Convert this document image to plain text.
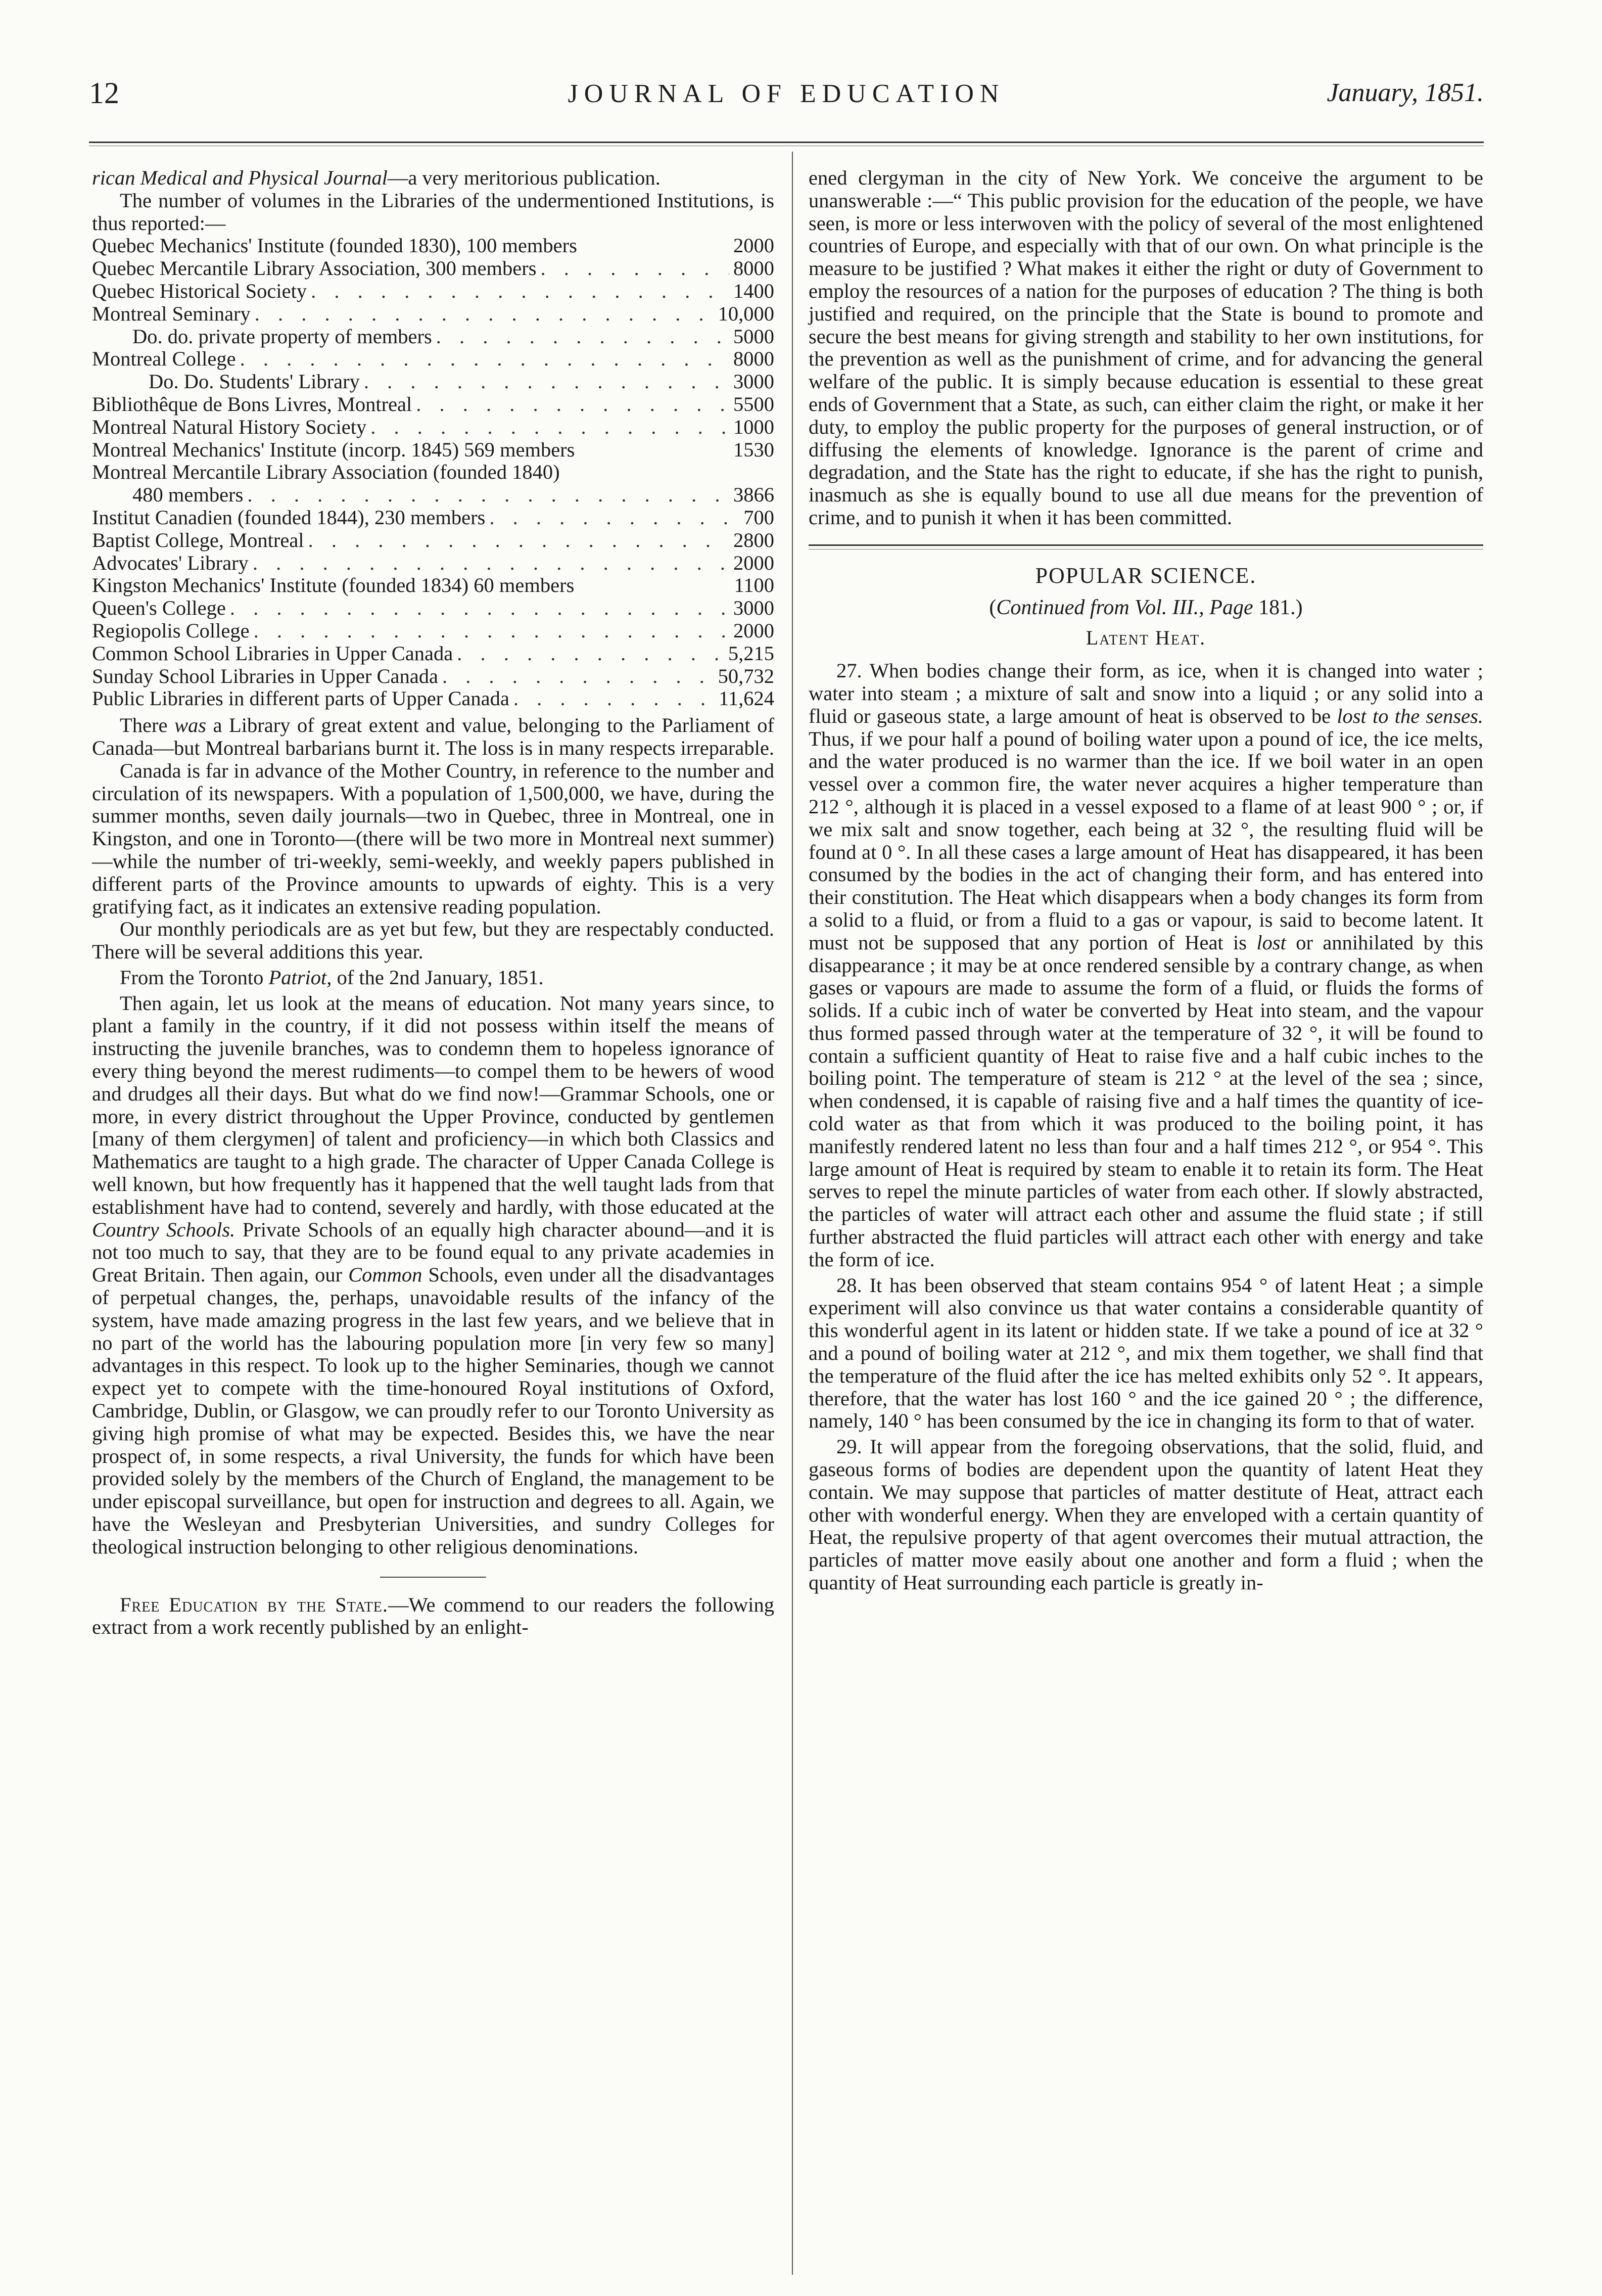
12	JOURNAL OF EDUCATION	January, 1851.

rican Medical and Physical Journal—a very meritorious publication.

The number of volumes in the Libraries of the undermentioned Institutions, is thus reported:—

Quebec Mechanics' Institute (founded 1830), 100 members	2000
Quebec Mercantile Library Association, 300 members . . .	8000
Quebec Historical Society . . .	1400
Montreal Seminary . . .	10,000
Do. do. private property of members . . .	5000
Montreal College . . .	8000
Do. Do. Students' Library . . .	3000
Bibliothêque de Bons Livres, Montreal . . .	5500
Montreal Natural History Society . . .	1000
Montreal Mechanics' Institute (incorp. 1845) 569 members	1530
Montreal Mercantile Library Association (founded 1840)
480 members . . .	3866
Institut Canadien (founded 1844), 230 members . . .	700
Baptist College, Montreal . . .	2800
Advocates' Library . . .	2000
Kingston Mechanics' Institute (founded 1834) 60 members	1100
Queen's College . . .	3000
Regiopolis College . . .	2000
Common School Libraries in Upper Canada . . .	5,215
Sunday School Libraries in Upper Canada . . .	50,732
Public Libraries in different parts of Upper Canada . . .	11,624

There was a Library of great extent and value, belonging to the Parliament of Canada—but Montreal barbarians burnt it. The loss is in many respects irreparable.

Canada is far in advance of the Mother Country, in reference to the number and circulation of its newspapers. With a population of 1,500,000, we have, during the summer months, seven daily journals—two in Quebec, three in Montreal, one in Kingston, and one in Toronto—(there will be two more in Montreal next summer)—while the number of tri-weekly, semi-weekly, and weekly papers published in different parts of the Province amounts to upwards of eighty. This is a very gratifying fact, as it indicates an extensive reading population.

Our monthly periodicals are as yet but few, but they are respectably conducted. There will be several additions this year.

From the Toronto Patriot, of the 2nd January, 1851.

Then again, let us look at the means of education. Not many years since, to plant a family in the country, if it did not possess within itself the means of instructing the juvenile branches, was to condemn them to hopeless ignorance of every thing beyond the merest rudiments—to compel them to be hewers of wood and drudges all their days. But what do we find now!—Grammar Schools, one or more, in every district throughout the Upper Province, conducted by gentlemen [many of them clergymen] of talent and proficiency—in which both Classics and Mathematics are taught to a high grade. The character of Upper Canada College is well known, but how frequently has it happened that the well taught lads from that establishment have had to contend, severely and hardly, with those educated at the Country Schools. Private Schools of an equally high character abound—and it is not too much to say, that they are to be found equal to any private academies in Great Britain. Then again, our Common Schools, even under all the disadvantages of perpetual changes, the, perhaps, unavoidable results of the infancy of the system, have made amazing progress in the last few years, and we believe that in no part of the world has the labouring population more [in very few so many] advantages in this respect. To look up to the higher Seminaries, though we cannot expect yet to compete with the time-honoured Royal institutions of Oxford, Cambridge, Dublin, or Glasgow, we can proudly refer to our Toronto University as giving high promise of what may be expected. Besides this, we have the near prospect of, in some respects, a rival University, the funds for which have been provided solely by the members of the Church of England, the management to be under episcopal surveillance, but open for instruction and degrees to all. Again, we have the Wesleyan and Presbyterian Universities, and sundry Colleges for theological instruction belonging to other religious denominations.

Free Education by the State.—We commend to our readers the following extract from a work recently published by an enlight-

ened clergyman in the city of New York. We conceive the argument to be unanswerable :—“ This public provision for the education of the people, we have seen, is more or less interwoven with the policy of several of the most enlightened countries of Europe, and especially with that of our own. On what principle is the measure to be justified ? What makes it either the right or duty of Government to employ the resources of a nation for the purposes of education ? The thing is both justified and required, on the principle that the State is bound to promote and secure the best means for giving strength and stability to her own institutions, for the prevention as well as the punishment of crime, and for advancing the general welfare of the public. It is simply because education is essential to these great ends of Government that a State, as such, can either claim the right, or make it her duty, to employ the public property for the purposes of general instruction, or of diffusing the elements of knowledge. Ignorance is the parent of crime and degradation, and the State has the right to educate, if she has the right to punish, inasmuch as she is equally bound to use all due means for the prevention of crime, and to punish it when it has been committed.

POPULAR SCIENCE.
(Continued from Vol. III., Page 181.)
Latent Heat.

27. When bodies change their form, as ice, when it is changed into water ; water into steam ; a mixture of salt and snow into a liquid ; or any solid into a fluid or gaseous state, a large amount of heat is observed to be lost to the senses. Thus, if we pour half a pound of boiling water upon a pound of ice, the ice melts, and the water produced is no warmer than the ice. If we boil water in an open vessel over a common fire, the water never acquires a higher temperature than 212 °, although it is placed in a vessel exposed to a flame of at least 900 ° ; or, if we mix salt and snow together, each being at 32 °, the resulting fluid will be found at 0 °. In all these cases a large amount of Heat has disappeared, it has been consumed by the bodies in the act of changing their form, and has entered into their constitution. The Heat which disappears when a body changes its form from a solid to a fluid, or from a fluid to a gas or vapour, is said to become latent. It must not be supposed that any portion of Heat is lost or annihilated by this disappearance ; it may be at once rendered sensible by a contrary change, as when gases or vapours are made to assume the form of a fluid, or fluids the forms of solids. If a cubic inch of water be converted by Heat into steam, and the vapour thus formed passed through water at the temperature of 32 °, it will be found to contain a sufficient quantity of Heat to raise five and a half cubic inches to the boiling point. The temperature of steam is 212 ° at the level of the sea ; since, when condensed, it is capable of raising five and a half times the quantity of ice-cold water as that from which it was produced to the boiling point, it has manifestly rendered latent no less than four and a half times 212 °, or 954 °. This large amount of Heat is required by steam to enable it to retain its form. The Heat serves to repel the minute particles of water from each other. If slowly abstracted, the particles of water will attract each other and assume the fluid state ; if still further abstracted the fluid particles will attract each other with energy and take the form of ice.

28. It has been observed that steam contains 954 ° of latent Heat ; a simple experiment will also convince us that water contains a considerable quantity of this wonderful agent in its latent or hidden state. If we take a pound of ice at 32 ° and a pound of boiling water at 212 °, and mix them together, we shall find that the temperature of the fluid after the ice has melted exhibits only 52 °. It appears, therefore, that the water has lost 160 ° and the ice gained 20 ° ; the difference, namely, 140 ° has been consumed by the ice in changing its form to that of water.

29. It will appear from the foregoing observations, that the solid, fluid, and gaseous forms of bodies are dependent upon the quantity of latent Heat they contain. We may suppose that particles of matter destitute of Heat, attract each other with wonderful energy. When they are enveloped with a certain quantity of Heat, the repulsive property of that agent overcomes their mutual attraction, the particles of matter move easily about one another and form a fluid ; when the quantity of Heat surrounding each particle is greatly in-
